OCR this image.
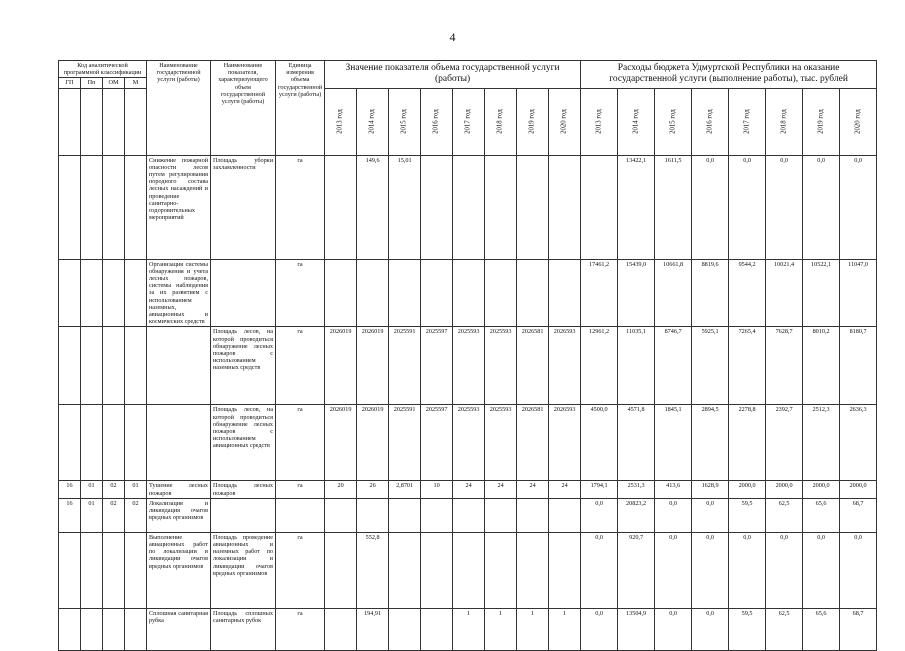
4
Код аналитической программной классификации				Наименование государственной услуги (работы)	Наименование показателя, характеризующего объем государственной услуги (работы)	Единица измерения объема государственной услуги (работы)	Значение показателя объема государственной услуги (работы)								Расходы бюджета Удмуртской Республики на оказание государственной услуги (выполнение работы), тыс. рублей							
ГП	Пп	ОМ	М																			
							2013 год	2014 год	2015 год	2016 год	2017 год	2018 год	2019 год	2020 год	2013 год	2014 год	2015 год	2016 год	2017 год	2018 год	2019 год	2020 год
				Снижение пожарной опасности лесов путем регулирования породного состава лесных насаждений и проведение санитарно-оздоровительных мероприятий	Площадь уборки захламленности	га		149,6	15,01							13422,1	1611,5	0,0	0,0	0,0	0,0	0,0
				Организация системы обнаружения и учета лесных пожаров, системы наблюдения за их развитием с использованием наземных, авиационных и космических средств		га									17461,2	15439,0	10661,8	8819,6	9544,2	10021,4	10522,1	11047,0
					Площадь лесов, на которой проводиться обнаружение лесных пожаров с использованием наземных средств	га	2026019	2026019	2025591	2025597	2025593	2025593	2026581	2026593	12961,2	11035,1	8746,7	5925,1	7265,4	7628,7	8010,2	8180,7
					Площадь лесов, на которой проводиться обнаружение лесных пожаров с использованием авиационных средств	га	2026019	2026019	2025591	2025597	2025593	2025593	2026581	2026593	4500,0	4571,8	1845,1	2894,5	2278,8	2392,7	2512,3	2636,3
16	01	02	01	Тушение лесных пожаров	Площадь лесных пожаров	га	20	26	2,8701	10	24	24	24	24	1794,1	2531,3	413,6	1628,9	2000,0	2000,0	2000,0	2000,0
16	01	02	02	Локализация и ликвидация очагов вредных организмов											0,0	20823,2	0,0	0,0	59,5	62,5	65,6	68,7
				Выполнение авиационных работ по локализации и ликвидации очагов вредных организмов	Площадь проведение авиационных и наземных работ по локализации и ликвидации очагов вредных организмов	га		552,8							0,0	920,7	0,0	0,0	0,0	0,0	0,0	0,0
				Сплошная санитарная рубка	Площадь сплошных санитарных рубок	га		194,91			1	1	1	1	0,0	13504,9	0,0	0,0	59,5	62,5	65,6	68,7
